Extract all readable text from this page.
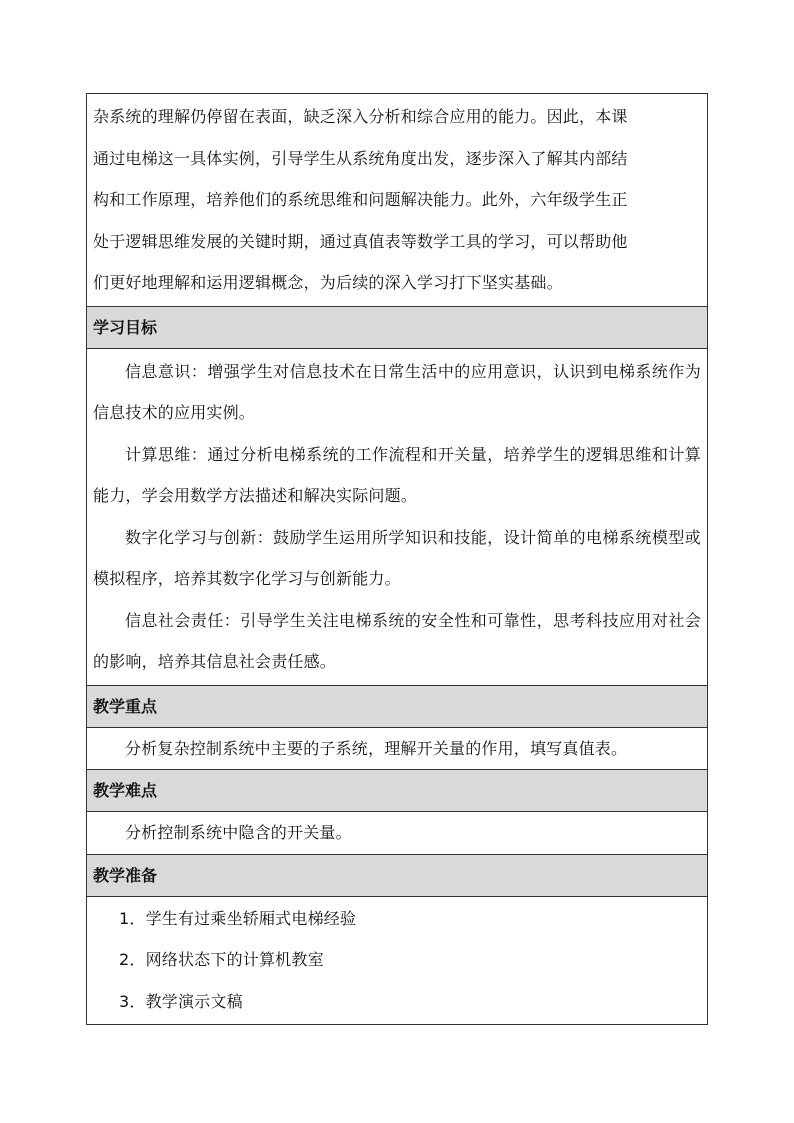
杂系统的理解仍停留在表面，缺乏深入分析和综合应用的能力。因此，本课

通过电梯这一具体实例，引导学生从系统角度出发，逐步深入了解其内部结

构和工作原理，培养他们的系统思维和问题解决能力。此外，六年级学生正

处于逻辑思维发展的关键时期，通过真值表等数学工具的学习，可以帮助他

们更好地理解和运用逻辑概念，为后续的深入学习打下坚实基础。

学习目标

信息意识：增强学生对信息技术在日常生活中的应用意识，认识到电梯系统作为信息技术的应用实例。

计算思维：通过分析电梯系统的工作流程和开关量，培养学生的逻辑思维和计算能力，学会用数学方法描述和解决实际问题。

数字化学习与创新：鼓励学生运用所学知识和技能，设计简单的电梯系统模型或模拟程序，培养其数字化学习与创新能力。

信息社会责任：引导学生关注电梯系统的安全性和可靠性，思考科技应用对社会的影响，培养其信息社会责任感。

教学重点

分析复杂控制系统中主要的子系统，理解开关量的作用，填写真值表。

教学难点

分析控制系统中隐含的开关量。

教学准备

1．学生有过乘坐轿厢式电梯经验

2．网络状态下的计算机教室

3．教学演示文稿
